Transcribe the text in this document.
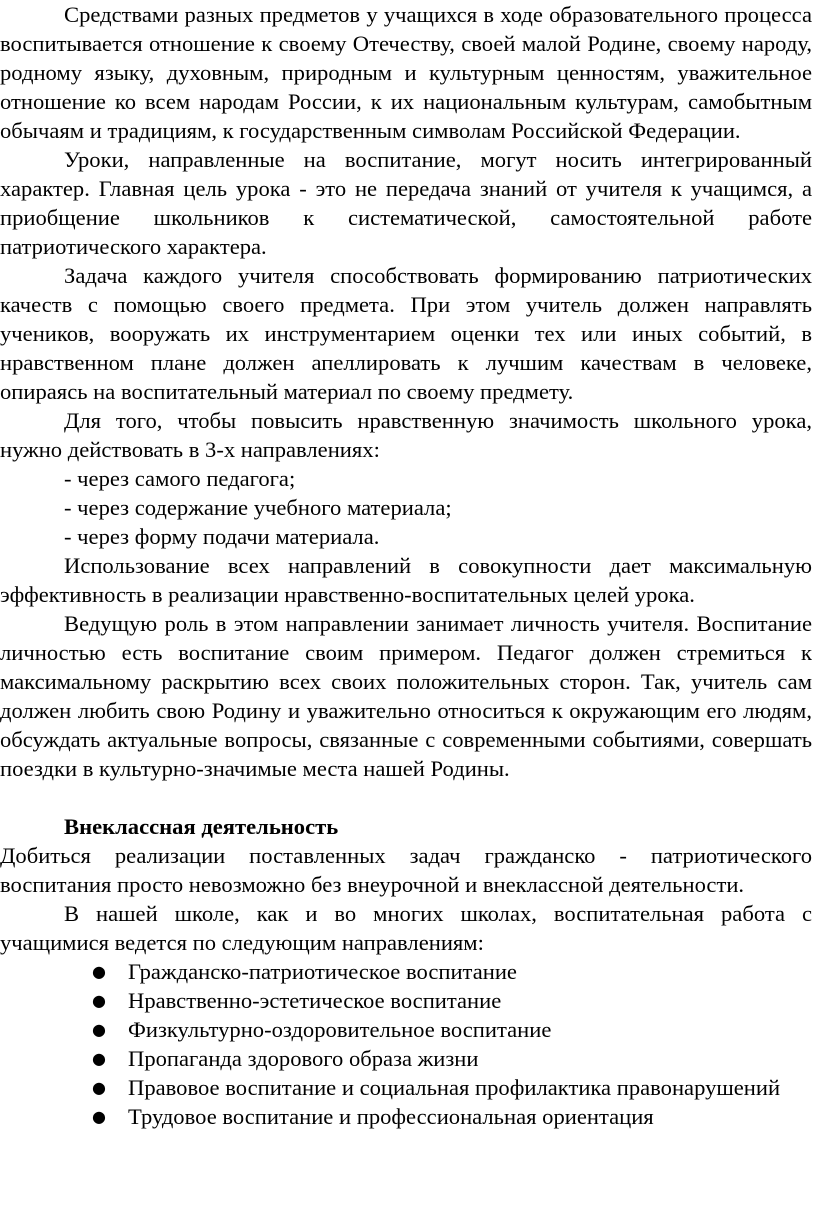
Средствами разных предметов у учащихся в ходе образовательного процесса воспитывается отношение к своему Отечеству, своей малой Родине, своему народу, родному языку, духовным, природным и культурным ценностям, уважительное отношение ко всем народам России, к их национальным культурам, самобытным обычаям и традициям, к государственным символам Российской Федерации.

Уроки, направленные на воспитание, могут носить интегрированный характер. Главная цель урока - это не передача знаний от учителя к учащимся, а приобщение школьников к систематической, самостоятельной работе патриотического характера.

Задача каждого учителя способствовать формированию патриотических качеств с помощью своего предмета. При этом учитель должен направлять учеников, вооружать их инструментарием оценки тех или иных событий, в нравственном плане должен апеллировать к лучшим качествам в человеке, опираясь на воспитательный материал по своему предмету.

Для того, чтобы повысить нравственную значимость школьного урока, нужно действовать в 3-х направлениях:

- через самого педагога;

- через содержание учебного материала;

- через форму подачи материала.

Использование всех направлений в совокупности дает максимальную эффективность в реализации нравственно-воспитательных целей урока.

Ведущую роль в этом направлении занимает личность учителя. Воспитание личностью есть воспитание своим примером. Педагог должен стремиться к максимальному раскрытию всех своих положительных сторон. Так, учитель сам должен любить свою Родину и уважительно относиться к окружающим его людям, обсуждать актуальные вопросы, связанные с современными событиями, совершать поездки в культурно-значимые места нашей Родины.

Внеклассная деятельность

Добиться реализации поставленных задач гражданско - патриотического воспитания просто невозможно без внеурочной и внеклассной деятельности.

В нашей школе, как и во многих школах, воспитательная работа с учащимися ведется по следующим направлениям:

● Гражданско-патриотическое воспитание
● Нравственно-эстетическое воспитание
● Физкультурно-оздоровительное воспитание
● Пропаганда здорового образа жизни
● Правовое воспитание и социальная профилактика правонарушений
● Трудовое воспитание и профессиональная ориентация
